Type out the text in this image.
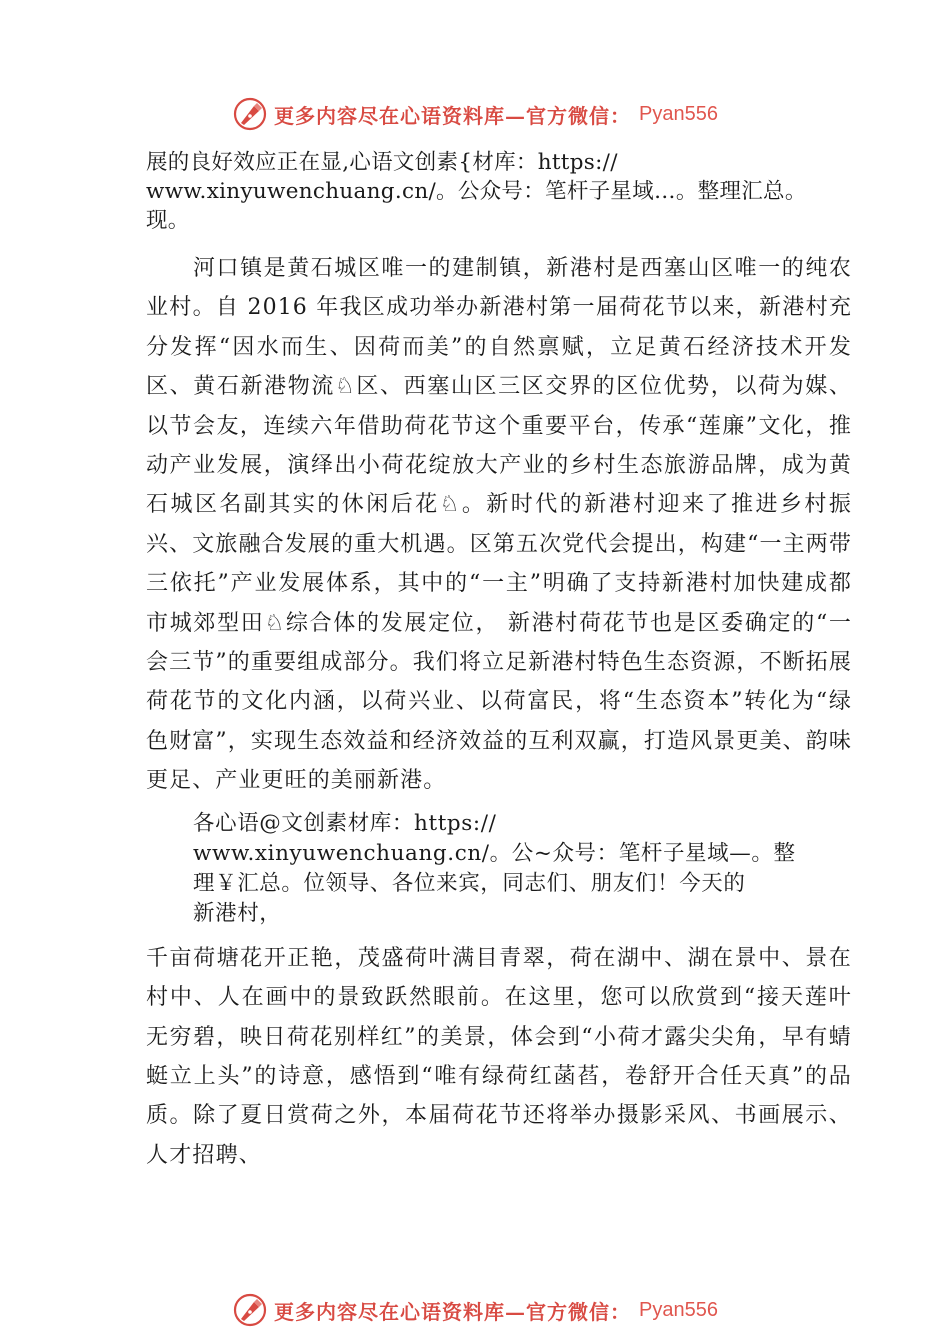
更多内容尽在心语资料库—官方微信： Pyan556

展的良好效应正在显,心语文创素{材库：https://
www.xinyuwenchuang.cn/。公众号：笔杆子星域…。整理汇总。
现。

河口镇是黄石城区唯一的建制镇，新港村是西塞山区唯一的纯农业村。自 2016 年我区成功举办新港村第一届荷花节以来，新港村充分发挥“因水而生、因荷而美”的自然禀赋，立足黄石经济技术开发区、黄石新港物流♘区、西塞山区三区交界的区位优势，以荷为媒、以节会友，连续六年借助荷花节这个重要平台，传承“莲廉”文化，推动产业发展，演绎出小荷花绽放大产业的乡村生态旅游品牌，成为黄石城区名副其实的休闲后花♘。新时代的新港村迎来了推进乡村振兴、文旅融合发展的重大机遇。区第五次党代会提出，构建“一主两带三依托”产业发展体系，其中的“一主”明确了支持新港村加快建成都市城郊型田♘综合体的发展定位， 新港村荷花节也是区委确定的“一会三节”的重要组成部分。我们将立足新港村特色生态资源，不断拓展荷花节的文化内涵，以荷兴业、以荷富民，将“生态资本”转化为“绿色财富”，实现生态效益和经济效益的互利双赢，打造风景更美、韵味更足、产业更旺的美丽新港。

各心语@文创素材库：https://
www.xinyuwenchuang.cn/。公~众号：笔杆子星域—。整
理￥汇总。位领导、各位来宾，同志们、朋友们！今天的
新港村，

千亩荷塘花开正艳，茂盛荷叶满目青翠，荷在湖中、湖在景中、景在村中、人在画中的景致跃然眼前。在这里，您可以欣赏到“接天莲叶无穷碧，映日荷花别样红”的美景，体会到“小荷才露尖尖角，早有蜻蜓立上头”的诗意，感悟到“唯有绿荷红菡萏，卷舒开合任天真”的品质。除了夏日赏荷之外，本届荷花节还将举办摄影采风、书画展示、人才招聘、

更多内容尽在心语资料库—官方微信： Pyan556
